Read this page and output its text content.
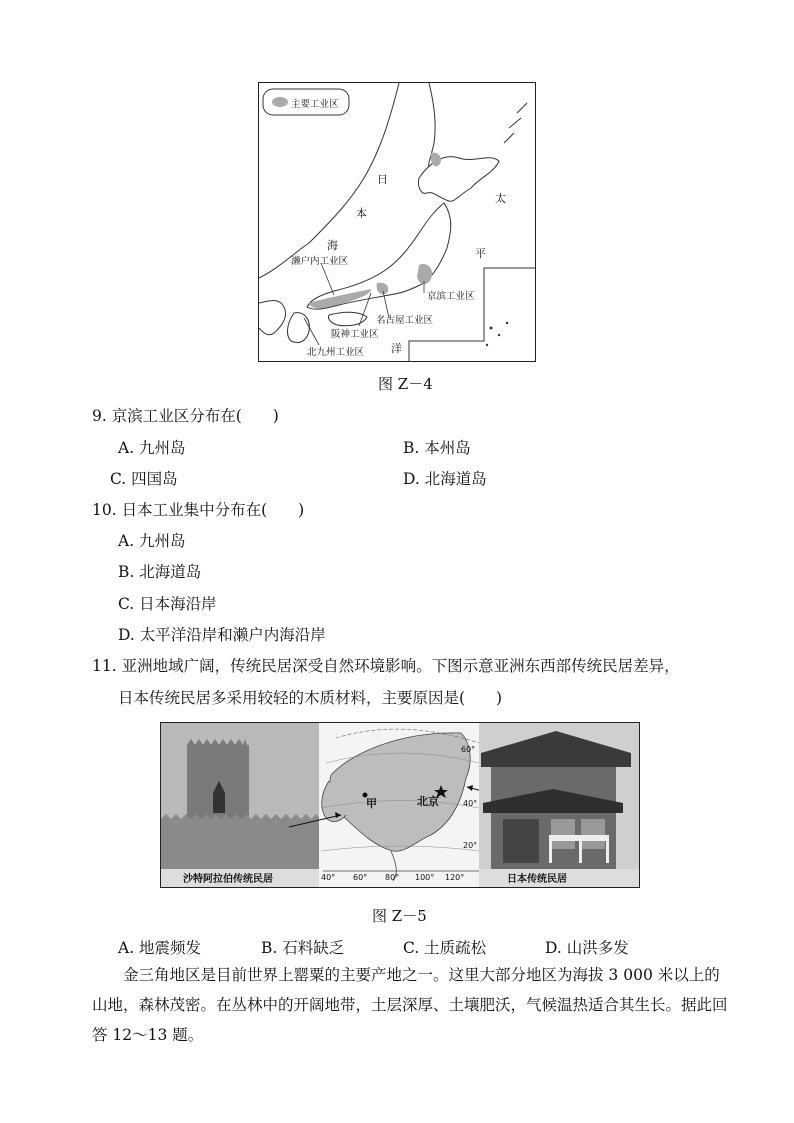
主要工业区
日
本
海
太
平
洋
濑户内工业区
京滨工业区
名古屋工业区
阪神工业区
北九州工业区
图 Z－4
9. 京滨工业区分布在(　　)
A. 九州岛	B. 本州岛
C. 四国岛	D. 北海道岛
10. 日本工业集中分布在(　　)
A. 九州岛
B. 北海道岛
C. 日本海沿岸
D. 太平洋沿岸和濑户内海沿岸
11. 亚洲地域广阔，传统民居深受自然环境影响。下图示意亚洲东西部传统民居差异，
日本传统民居多采用较轻的木质材料，主要原因是(　　)
沙特阿拉伯传统民居	日本传统民居
甲	北京
40° 60° 80° 100° 120°
60°
40°
20°
图 Z－5
A. 地震频发	B. 石料缺乏	C. 土质疏松	D. 山洪多发
金三角地区是目前世界上罂粟的主要产地之一。这里大部分地区为海拔 3 000 米以上的山地，森林茂密。在丛林中的开阔地带，土层深厚、土壤肥沃，气候温热适合其生长。据此回答 12～13 题。
